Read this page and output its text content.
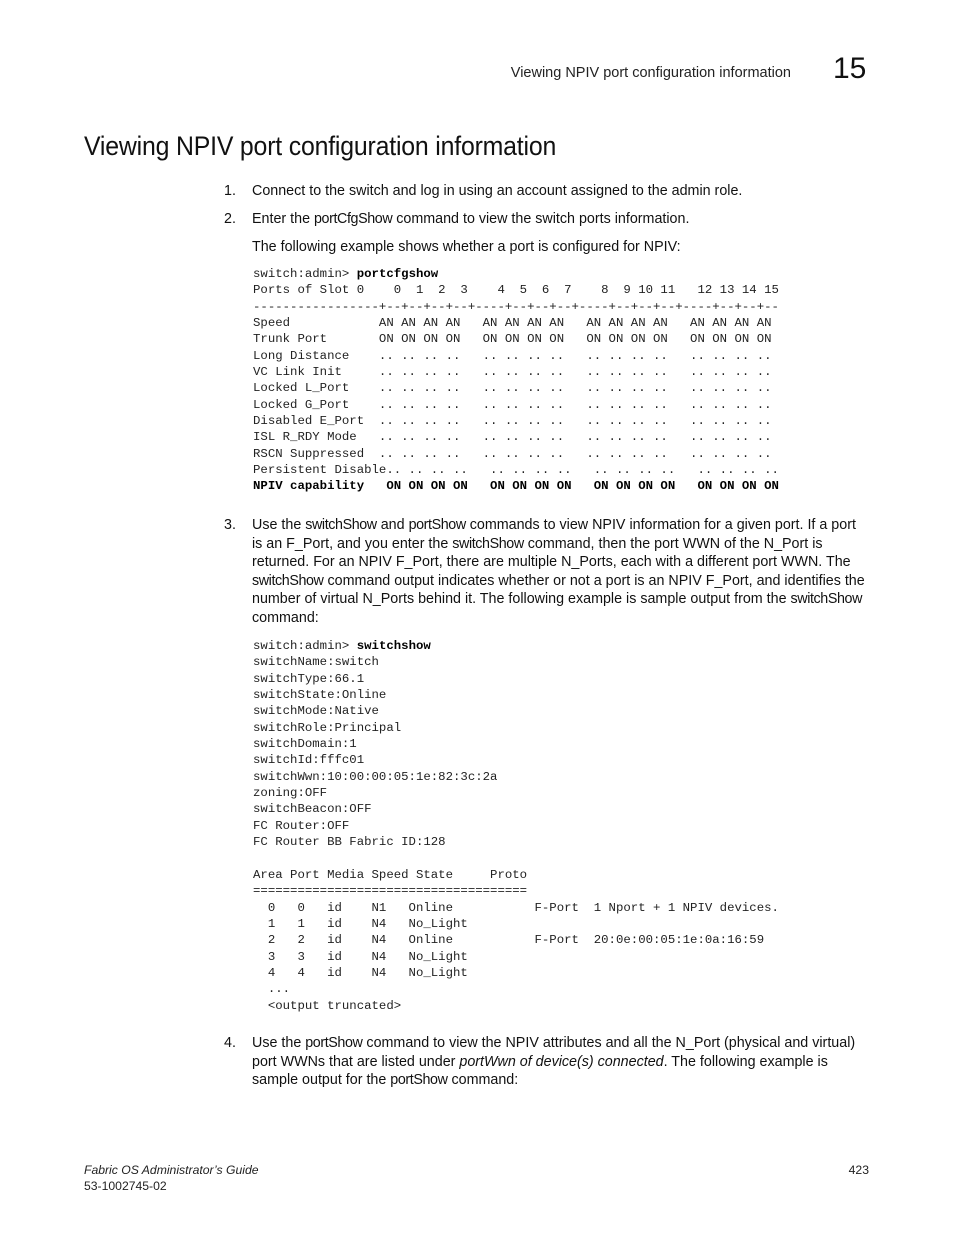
Viewing NPIV port configuration information 15
Viewing NPIV port configuration information
1. Connect to the switch and log in using an account assigned to the admin role.
2. Enter the portCfgShow command to view the switch ports information.
The following example shows whether a port is configured for NPIV:
switch:admin> portcfgshow
Ports of Slot 0    0  1  2  3    4  5  6  7    8  9 10 11   12 13 14 15
-----------------+--+--+--+--+----+--+--+--+----+--+--+--+----+--+--+--
Speed            AN AN AN AN   AN AN AN AN   AN AN AN AN   AN AN AN AN
Trunk Port       ON ON ON ON   ON ON ON ON   ON ON ON ON   ON ON ON ON
Long Distance    .. .. .. ..   .. .. .. ..   .. .. .. ..   .. .. .. ..
VC Link Init     .. .. .. ..   .. .. .. ..   .. .. .. ..   .. .. .. ..
Locked L_Port    .. .. .. ..   .. .. .. ..   .. .. .. ..   .. .. .. ..
Locked G_Port    .. .. .. ..   .. .. .. ..   .. .. .. ..   .. .. .. ..
Disabled E_Port  .. .. .. ..   .. .. .. ..   .. .. .. ..   .. .. .. ..
ISL R_RDY Mode   .. .. .. ..   .. .. .. ..   .. .. .. ..   .. .. .. ..
RSCN Suppressed  .. .. .. ..   .. .. .. ..   .. .. .. ..   .. .. .. ..
Persistent Disable.. .. .. ..   .. .. .. ..   .. .. .. ..   .. .. .. ..
NPIV capability   ON ON ON ON   ON ON ON ON   ON ON ON ON   ON ON ON ON
3. Use the switchShow and portShow commands to view NPIV information for a given port. If a port is an F_Port, and you enter the switchShow command, then the port WWN of the N_Port is returned. For an NPIV F_Port, there are multiple N_Ports, each with a different port WWN. The switchShow command output indicates whether or not a port is an NPIV F_Port, and identifies the number of virtual N_Ports behind it. The following example is sample output from the switchShow command:
switch:admin> switchshow
switchName:switch
switchType:66.1
switchState:Online
switchMode:Native
switchRole:Principal
switchDomain:1
switchId:fffc01
switchWwn:10:00:00:05:1e:82:3c:2a
zoning:OFF
switchBeacon:OFF
FC Router:OFF
FC Router BB Fabric ID:128

Area Port Media Speed State     Proto
=====================================
0   0   id    N1   Online           F-Port  1 Nport + 1 NPIV devices.
1   1   id    N4   No_Light
2   2   id    N4   Online           F-Port  20:0e:00:05:1e:0a:16:59
3   3   id    N4   No_Light
4   4   id    N4   No_Light
...
<output truncated>
4. Use the portShow command to view the NPIV attributes and all the N_Port (physical and virtual) port WWNs that are listed under portWwn of device(s) connected. The following example is sample output for the portShow command:
Fabric OS Administrator’s Guide
53-1002745-02
423
